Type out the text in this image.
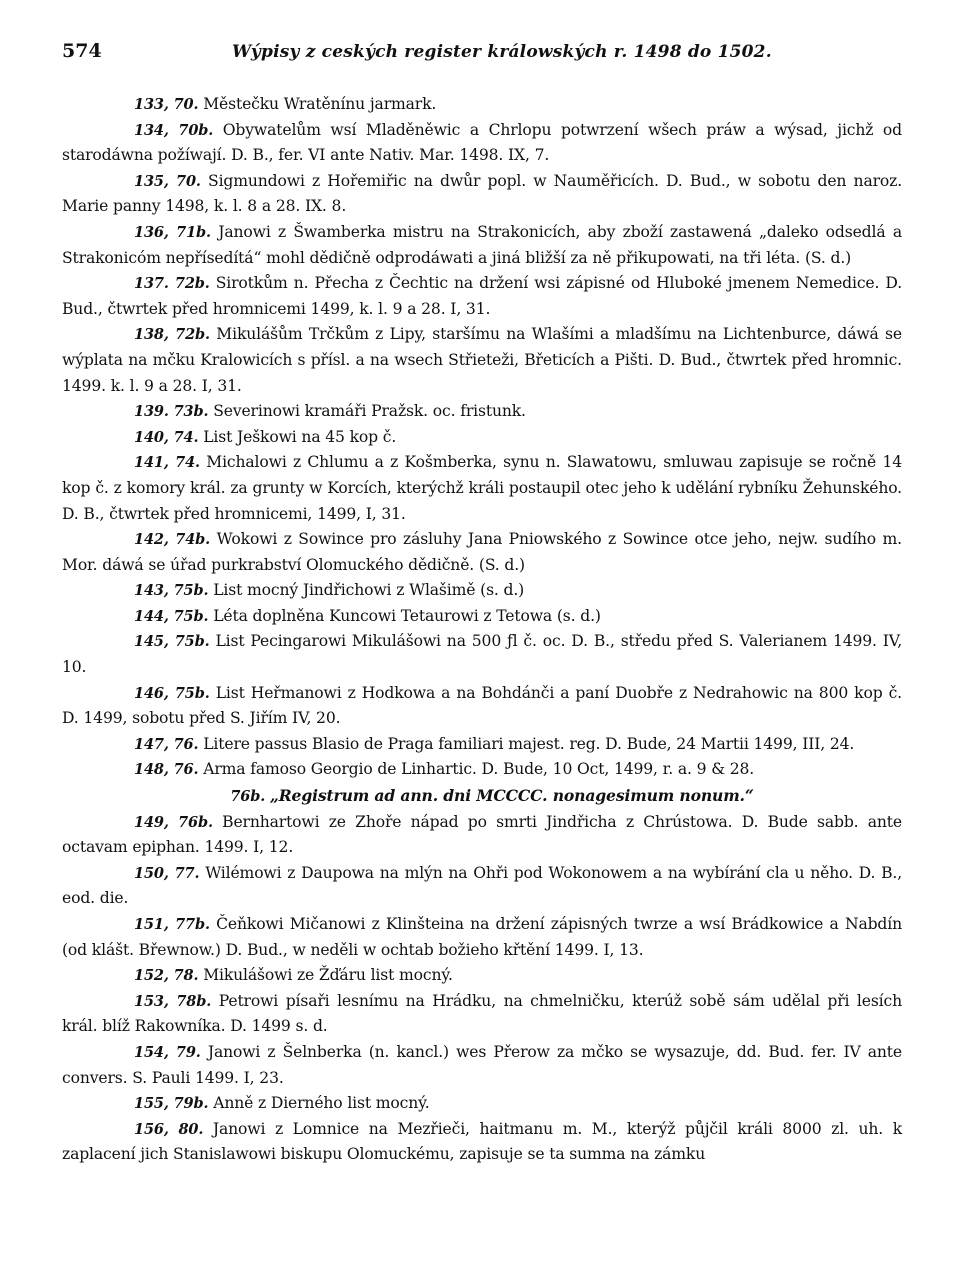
574	Wýpisy z ceských register králowských r. 1498 do 1502.
133, 70. Městečku Wratěnínu jarmark.
134, 70b. Obywatelům wsí Mladěněwic a Chrlopu potwrzení wšech práw a wýsad, jichž od starodáwna požíwají. D. B., fer. VI ante Nativ. Mar. 1498. IX, 7.
135, 70. Sigmundowi z Hořemiřic na dwůr popl. w Nauměřicích. D. Bud., w sobotu den naroz. Marie panny 1498, k. l. 8 a 28. IX. 8.
136, 71b. Janowi z Šwamberka mistru na Strakonicích, aby zboží zastawená „daleko odsedlá a Strakonicóm nepřísedítá“ mohl dědičně odprodáwati a jiná bližší za ně přikupowati, na tři léta. (S. d.)
137. 72b. Sirotkům n. Přecha z Čechtic na držení wsi zápisné od Hluboké jmenem Nemedice. D. Bud., čtwrtek před hromnicemi 1499, k. l. 9 a 28. I, 31.
138, 72b. Mikulášům Trčkům z Lipy, staršímu na Wlašími a mladšímu na Lichtenburce, dáwá se wýplata na mčku Kralowicích s přísl. a na wsech Střieteži, Břeticích a Pišti. D. Bud., čtwrtek před hromnic. 1499. k. l. 9 a 28. I, 31.
139. 73b. Severinowi kramáři Pražsk. oc. fristunk.
140, 74. List Ješkowi na 45 kop č.
141, 74. Michalowi z Chlumu a z Košmberka, synu n. Slawatowu, smluwau zapisuje se ročně 14 kop č. z komory král. za grunty w Korcích, kterýchž králi postaupil otec jeho k udělání rybníku Žehunského. D. B., čtwrtek před hromnicemi, 1499, I, 31.
142, 74b. Wokowi z Sowince pro zásluhy Jana Pniowského z Sowince otce jeho, nejw. sudího m. Mor. dáwá se úřad purkrabství Olomuckého dědičně. (S. d.)
143, 75b. List mocný Jindřichowi z Wlašimě (s. d.)
144, 75b. Léta doplněna Kuncowi Tetaurowi z Tetowa (s. d.)
145, 75b. List Pecingarowi Mikulášowi na 500 ƒl č. oc. D. B., středu před S. Valerianem 1499. IV, 10.
146, 75b. List Heřmanowi z Hodkowa a na Bohdánči a paní Duobře z Nedrahowic na 800 kop č. D. 1499, sobotu před S. Jiřím IV, 20.
147, 76. Litere passus Blasio de Praga familiari majest. reg. D. Bude, 24 Martii 1499, III, 24.
148, 76. Arma famoso Georgio de Linhartic. D. Bude, 10 Oct, 1499, r. a. 9 & 28.
76b. „Registrum ad ann. dni MCCCC. nonagesimum nonum.“
149, 76b. Bernhartowi ze Zhoře nápad po smrti Jindřicha z Chrústowa. D. Bude sabb. ante octavam epiphan. 1499. I, 12.
150, 77. Wilémowi z Daupowa na mlýn na Ohři pod Wokonowem a na wybírání cla u něho. D. B., eod. die.
151, 77b. Čeňkowi Mičanowi z Klinšteina na držení zápisných twrze a wsí Brádkowice a Nabdín (od klášt. Břewnow.) D. Bud., w neděli w ochtab božieho křtění 1499. I, 13.
152, 78. Mikulášowi ze Žďáru list mocný.
153, 78b. Petrowi písaři lesnímu na Hrádku, na chmelničku, kterúž sobě sám udělal při lesích král. blíž Rakowníka. D. 1499 s. d.
154, 79. Janowi z Šelnberka (n. kancl.) wes Přerow za mčko se wysazuje, dd. Bud. fer. IV ante convers. S. Pauli 1499. I, 23.
155, 79b. Anně z Dierného list mocný.
156, 80. Janowi z Lomnice na Mezřieči, haitmanu m. M., kterýž půjčil králi 8000 zl. uh. k zaplacení jich Stanislawowi biskupu Olomuckému, zapisuje se ta summa na zámku
